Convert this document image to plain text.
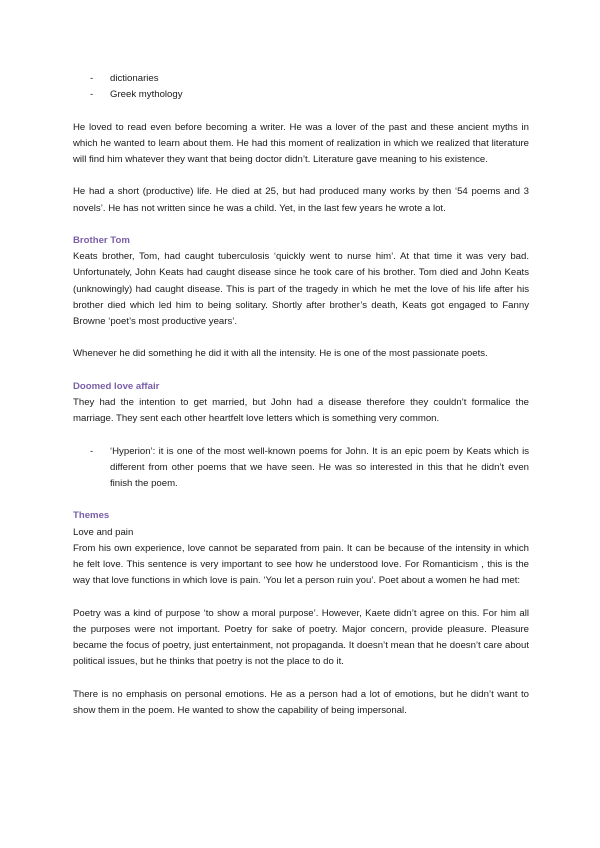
- dictionaries
- Greek mythology

He loved to read even before becoming a writer. He was a lover of the past and these ancient myths in which he wanted to learn about them. He had this moment of realization in which we realized that literature will find him whatever they want that being doctor didn’t. Literature gave meaning to his existence.

He had a short (productive) life. He died at 25, but had produced many works by then ‘54 poems and 3 novels’. He has not written since he was a child. Yet, in the last few years he wrote a lot.

Brother Tom

Keats brother, Tom, had caught tuberculosis ‘quickly went to nurse him’. At that time it was very bad. Unfortunately, John Keats had caught disease since he took care of his brother. Tom died and John Keats (unknowingly) had caught disease. This is part of the tragedy in which he met the love of his life after his brother died which led him to being solitary. Shortly after brother’s death, Keats got engaged to Fanny Browne ‘poet’s most productive years’.

Whenever he did something he did it with all the intensity. He is one of the most passionate poets.

Doomed love affair

They had the intention to get married, but John had a disease therefore they couldn’t formalice the marriage. They sent each other heartfelt love letters which is something very common.

- ‘Hyperion’: it is one of the most well-known poems for John. It is an epic poem by Keats which is different from other poems that we have seen. He was so interested in this that he didn’t even finish the poem.

Themes

Love and pain

From his own experience, love cannot be separated from pain. It can be because of the intensity in which he felt love. This sentence is very important to see how he understood love. For Romanticism , this is the way that love functions in which love is pain. ‘You let a person ruin you’. Poet about a women he had met:

Poetry was a kind of purpose ‘to show a moral purpose’. However, Kaete didn’t agree on this. For him all the purposes were not important. Poetry for sake of poetry. Major concern, provide pleasure. Pleasure became the focus of poetry, just entertainment, not propaganda. It doesn’t mean that he doesn’t care about political issues, but he thinks that poetry is not the place to do it.

There is no emphasis on personal emotions. He as a person had a lot of emotions, but he didn’t want to show them in the poem. He wanted to show the capability of being impersonal.
